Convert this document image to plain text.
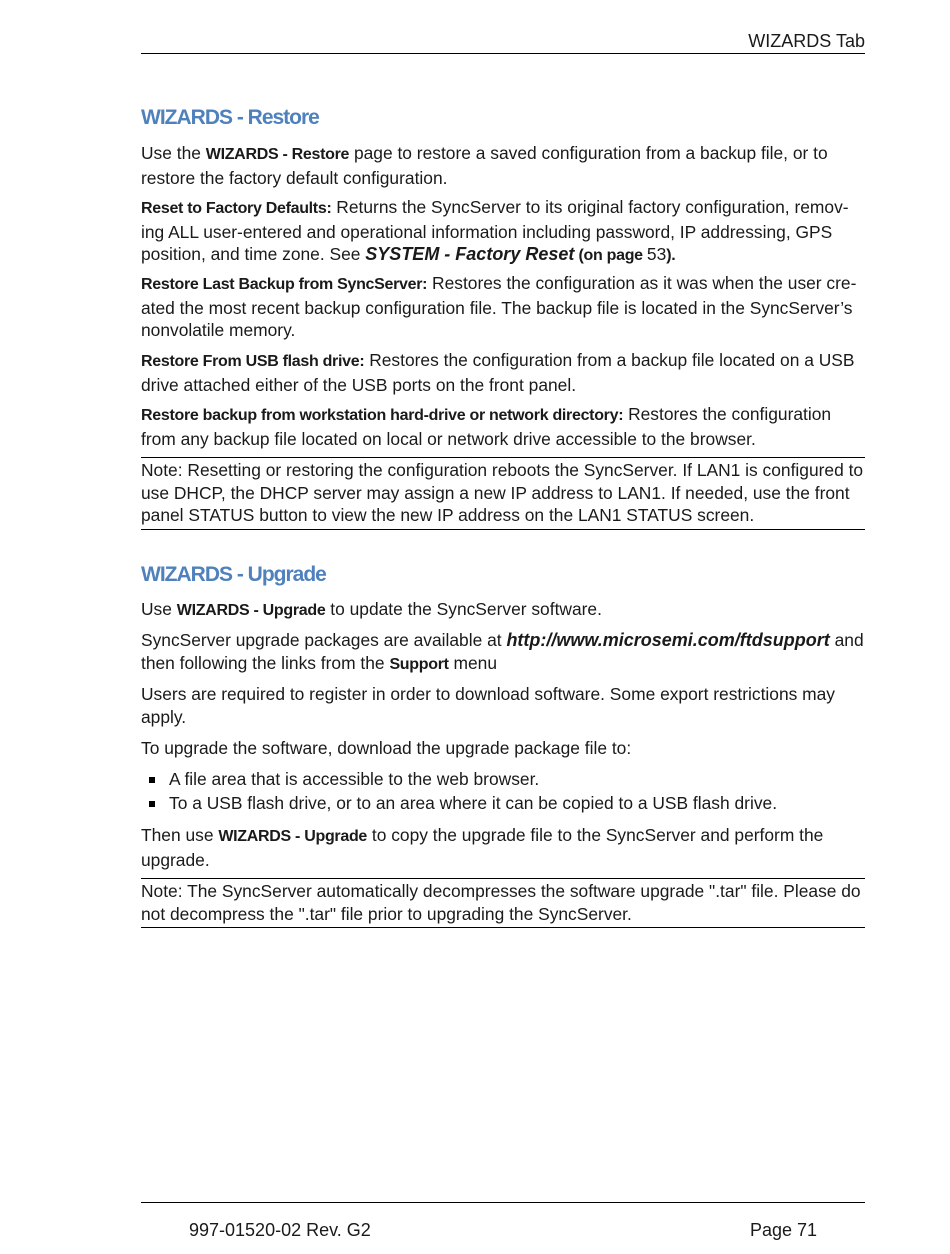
WIZARDS Tab
WIZARDS - Restore

Use the WIZARDS - Restore page to restore a saved configuration from a backup file, or to restore the factory default configuration.

Reset to Factory Defaults: Returns the SyncServer to its original factory configuration, remov-ing ALL user-entered and operational information including password, IP addressing, GPS position, and time zone. See SYSTEM - Factory Reset (on page 53).

Restore Last Backup from SyncServer: Restores the configuration as it was when the user cre-ated the most recent backup configuration file. The backup file is located in the SyncServer’s nonvolatile memory.

Restore From USB flash drive: Restores the configuration from a backup file located on a USB drive attached either of the USB ports on the front panel.

Restore backup from workstation hard-drive or network directory: Restores the configuration from any backup file located on local or network drive accessible to the browser.

Note: Resetting or restoring the configuration reboots the SyncServer. If LAN1 is configured to use DHCP, the DHCP server may assign a new IP address to LAN1. If needed, use the front panel STATUS button to view the new IP address on the LAN1 STATUS screen.
WIZARDS - Upgrade

Use WIZARDS - Upgrade to update the SyncServer software.

SyncServer upgrade packages are available at http://www.microsemi.com/ftdsupport and then following the links from the Support menu

Users are required to register in order to download software. Some export restrictions may apply.

To upgrade the software, download the upgrade package file to:

A file area that is accessible to the web browser.
To a USB flash drive, or to an area where it can be copied to a USB flash drive.

Then use WIZARDS - Upgrade to copy the upgrade file to the SyncServer and perform the upgrade.

Note: The SyncServer automatically decompresses the software upgrade ".tar" file. Please do not decompress the ".tar" file prior to upgrading the SyncServer.
997-01520-02 Rev. G2	Page 71
